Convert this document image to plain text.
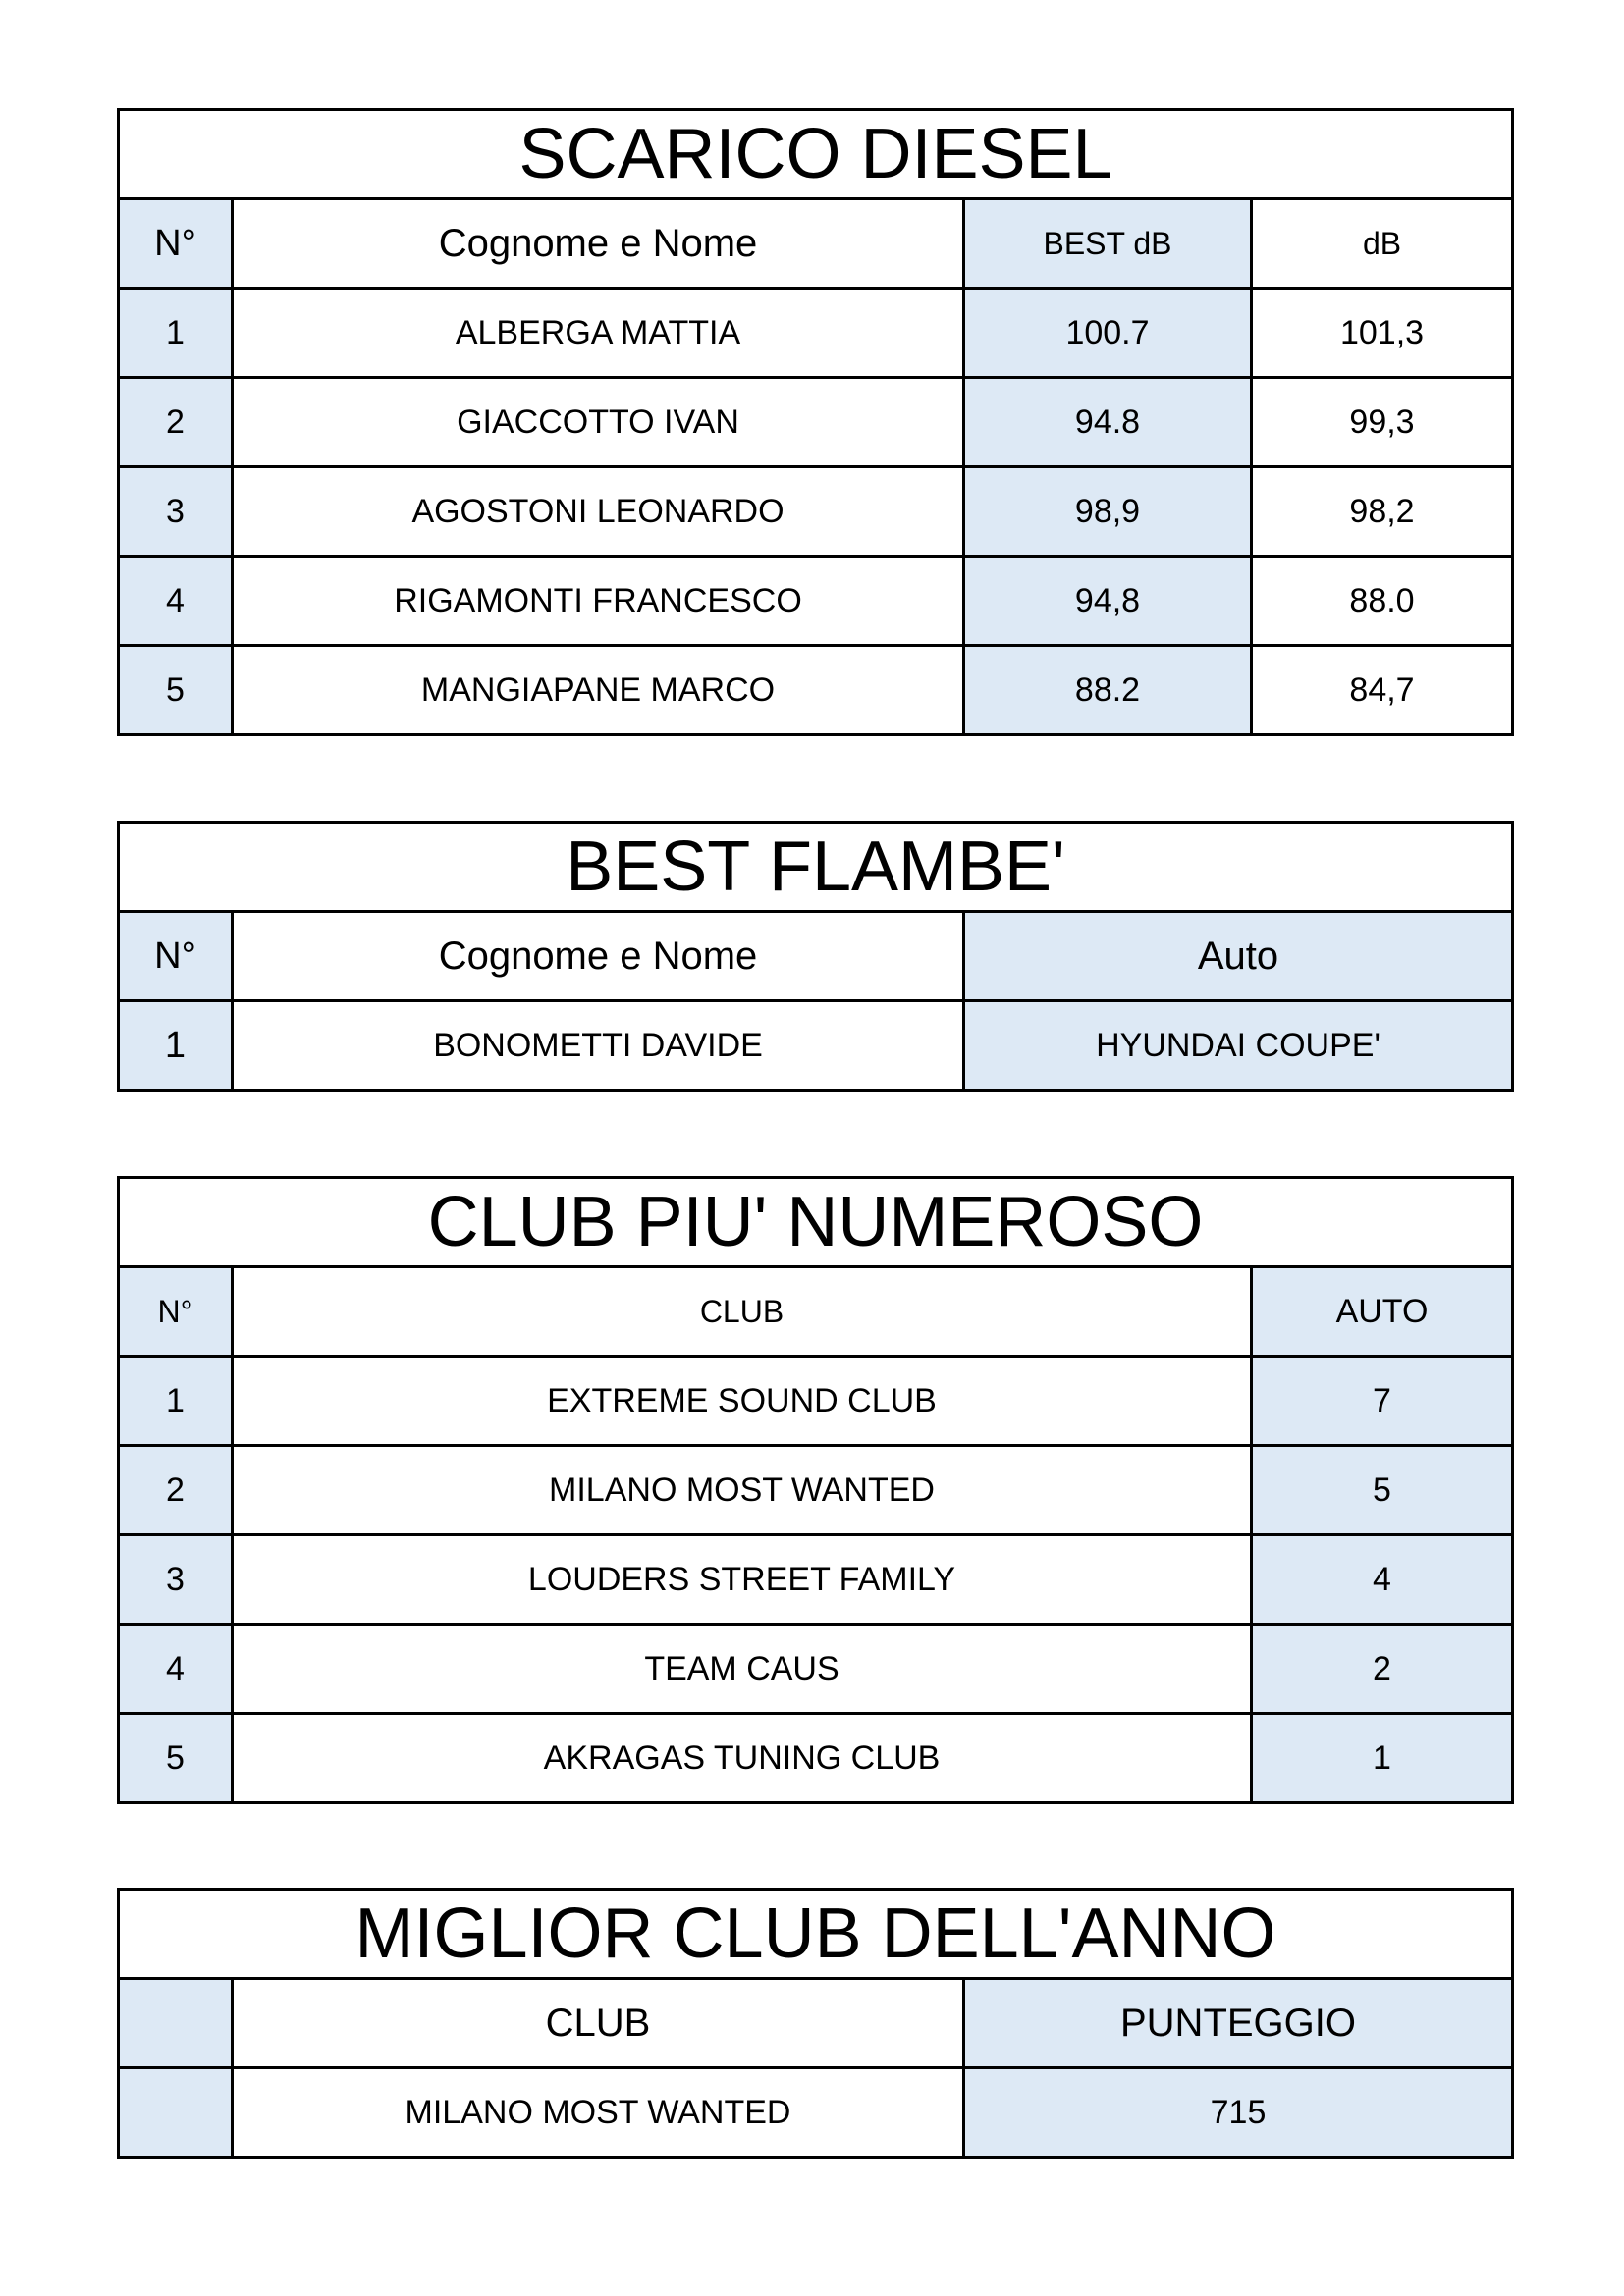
SCARICO DIESEL			
N°	Cognome e Nome	BEST dB	dB
1	ALBERGA MATTIA	100.7	101,3
2	GIACCOTTO IVAN	94.8	99,3
3	AGOSTONI LEONARDO	98,9	98,2
4	RIGAMONTI FRANCESCO	94,8	88.0
5	MANGIAPANE MARCO	88.2	84,7
BEST FLAMBE'		
N°	Cognome e Nome	Auto
1	BONOMETTI DAVIDE	HYUNDAI COUPE'
CLUB PIU' NUMEROSO		
N°	CLUB	AUTO
1	EXTREME SOUND CLUB	7
2	MILANO MOST WANTED	5
3	LOUDERS STREET FAMILY	4
4	TEAM CAUS	2
5	AKRAGAS TUNING CLUB	1
MIGLIOR CLUB DELL'ANNO		
	CLUB	PUNTEGGIO
	MILANO MOST WANTED	715
